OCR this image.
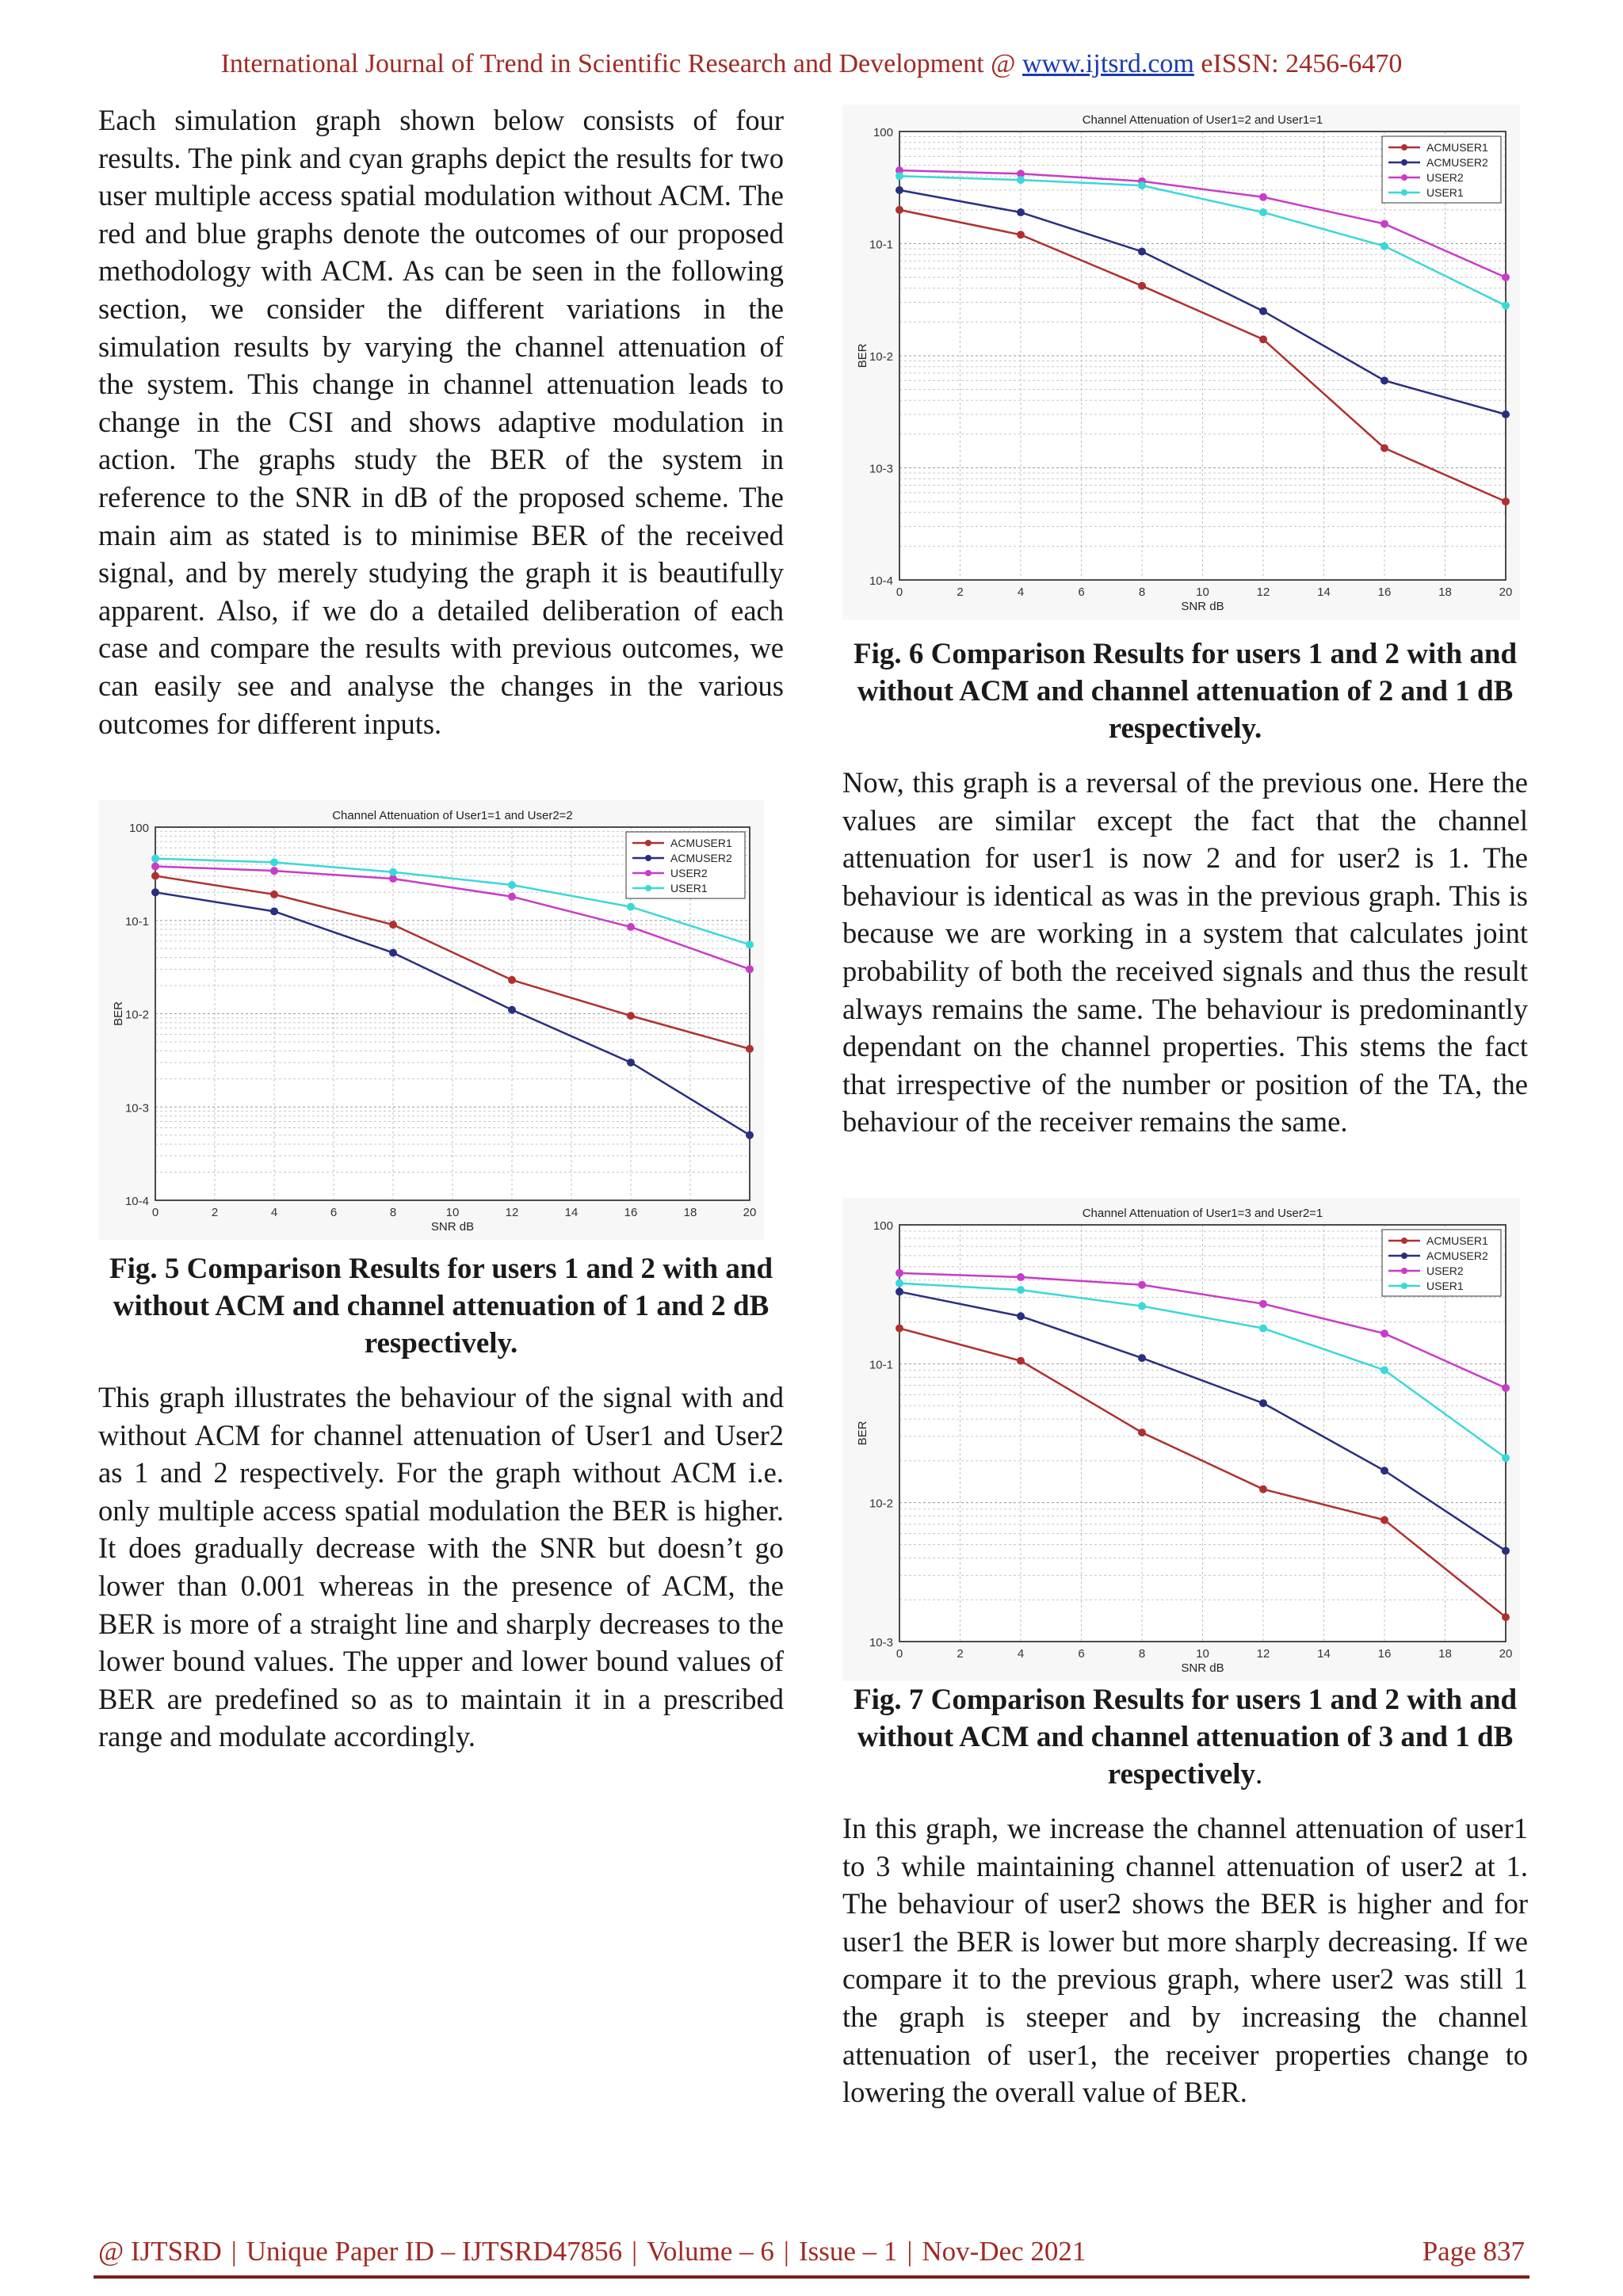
International Journal of Trend in Scientific Research and Development @ www.ijtsrd.com eISSN: 2456-6470

Each simulation graph shown below consists of four results. The pink and cyan graphs depict the results for two user multiple access spatial modulation without ACM. The red and blue graphs denote the outcomes of our proposed methodology with ACM. As can be seen in the following section, we consider the different variations in the simulation results by varying the channel attenuation of the system. This change in channel attenuation leads to change in the CSI and shows adaptive modulation in action. The graphs study the BER of the system in reference to the SNR in dB of the proposed scheme. The main aim as stated is to minimise BER of the received signal, and by merely studying the graph it is beautifully apparent. Also, if we do a detailed deliberation of each case and compare the results with previous outcomes, we can easily see and analyse the changes in the various outcomes for different inputs.

100
10-1
10-2
10-3
10-4
0	2	4	6	8	10	12	14	16	18	20
Channel Attenuation of User1=1 and User2=2
SNR dB
BER
ACMUSER1
ACMUSER2
USER2
USER1

Fig. 5 Comparison Results for users 1 and 2 with and without ACM and channel attenuation of 1 and 2 dB respectively.

This graph illustrates the behaviour of the signal with and without ACM for channel attenuation of User1 and User2 as 1 and 2 respectively. For the graph without ACM i.e. only multiple access spatial modulation the BER is higher. It does gradually decrease with the SNR but doesn’t go lower than 0.001 whereas in the presence of ACM, the BER is more of a straight line and sharply decreases to the lower bound values. The upper and lower bound values of BER are predefined so as to maintain it in a prescribed range and modulate accordingly.

100
10-1
10-2
10-3
10-4
0	2	4	6	8	10	12	14	16	18	20
Channel Attenuation of User1=2 and User1=1
SNR dB
BER
ACMUSER1
ACMUSER2
USER2
USER1

Fig. 6 Comparison Results for users 1 and 2 with and without ACM and channel attenuation of 2 and 1 dB respectively.

Now, this graph is a reversal of the previous one. Here the values are similar except the fact that the channel attenuation for user1 is now 2 and for user2 is 1. The behaviour is identical as was in the previous graph. This is because we are working in a system that calculates joint probability of both the received signals and thus the result always remains the same. The behaviour is predominantly dependant on the channel properties. This stems the fact that irrespective of the number or position of the TA, the behaviour of the receiver remains the same.

100
10-1
10-2
10-3
0	2	4	6	8	10	12	14	16	18	20
Channel Attenuation of User1=3 and User2=1
SNR dB
BER
ACMUSER1
ACMUSER2
USER2
USER1

Fig. 7 Comparison Results for users 1 and 2 with and without ACM and channel attenuation of 3 and 1 dB respectively.

In this graph, we increase the channel attenuation of user1 to 3 while maintaining channel attenuation of user2 at 1. The behaviour of user2 shows the BER is higher and for user1 the BER is lower but more sharply decreasing. If we compare it to the previous graph, where user2 was still 1 the graph is steeper and by increasing the channel attenuation of user1, the receiver properties change to lowering the overall value of BER.

@ IJTSRD | Unique Paper ID – IJTSRD47856 | Volume – 6 | Issue – 1 | Nov-Dec 2021	Page 837
